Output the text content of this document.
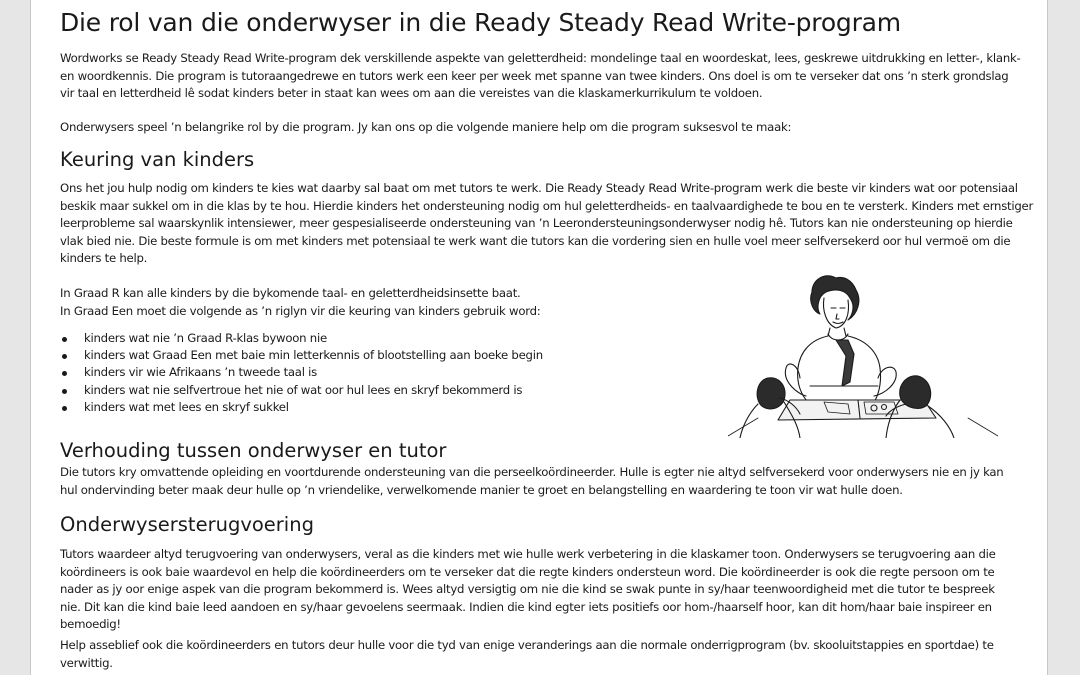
Die rol van die onderwyser in die Ready Steady Read Write-program
Wordworks se Ready Steady Read Write-program dek verskillende aspekte van geletterdheid: mondelinge taal en woordeskat, lees, geskrewe uitdrukking en letter-, klank-
en woordkennis. Die program is tutoraangedrewe en tutors werk een keer per week met spanne van twee kinders. Ons doel is om te verseker dat ons ’n sterk grondslag
vir taal en letterdheid lê sodat kinders beter in staat kan wees om aan die vereistes van die klaskamerkurrikulum te voldoen.

Onderwysers speel ’n belangrike rol by die program. Jy kan ons op die volgende maniere help om die program suksesvol te maak:

Keuring van kinders
Ons het jou hulp nodig om kinders te kies wat daarby sal baat om met tutors te werk. Die Ready Steady Read Write-program werk die beste vir kinders wat oor potensiaal
beskik maar sukkel om in die klas by te hou. Hierdie kinders het ondersteuning nodig om hul geletterdheids- en taalvaardighede te bou en te versterk. Kinders met ernstiger
leerprobleme sal waarskynlik intensiewer, meer gespesialiseerde ondersteuning van ’n Leerondersteuningsonderwyser nodig hê. Tutors kan nie ondersteuning op hierdie
vlak bied nie. Die beste formule is om met kinders met potensiaal te werk want die tutors kan die vordering sien en hulle voel meer selfversekerd oor hul vermoë om die
kinders te help.

In Graad R kan alle kinders by die bykomende taal- en geletterdheidsinsette baat.

In Graad Een moet die volgende as ’n riglyn vir die keuring van kinders gebruik word:

kinders wat nie ’n Graad R-klas bywoon nie
kinders wat Graad Een met baie min letterkennis of blootstelling aan boeke begin
kinders vir wie Afrikaans ’n tweede taal is
kinders wat nie selfvertroue het nie of wat oor hul lees en skryf bekommerd is
kinders wat met lees en skryf sukkel
Verhouding tussen onderwyser en tutor
Die tutors kry omvattende opleiding en voortdurende ondersteuning van die perseelkoördineerder. Hulle is egter nie altyd selfversekerd voor onderwysers nie en jy kan
hul ondervinding beter maak deur hulle op ’n vriendelike, verwelkomende manier te groet en belangstelling en waardering te toon vir wat hulle doen.
Onderwysersterugvoering
Tutors waardeer altyd terugvoering van onderwysers, veral as die kinders met wie hulle werk verbetering in die klaskamer toon. Onderwysers se terugvoering aan die
koördineers is ook baie waardevol en help die koördineerders om te verseker dat die regte kinders ondersteun word. Die koördineerder is ook die regte persoon om te
nader as jy oor enige aspek van die program bekommerd is. Wees altyd versigtig om nie die kind se swak punte in sy/haar teenwoordigheid met die tutor te bespreek
nie. Dit kan die kind baie leed aandoen en sy/haar gevoelens seermaak. Indien die kind egter iets positiefs oor hom-/haarself hoor, kan dit hom/haar baie inspireer en
bemoedig!
Help asseblief ook die koördineerders en tutors deur hulle voor die tyd van enige veranderings aan die normale onderrigprogram (bv. skooluitstappies en sportdae) te
verwittig.
